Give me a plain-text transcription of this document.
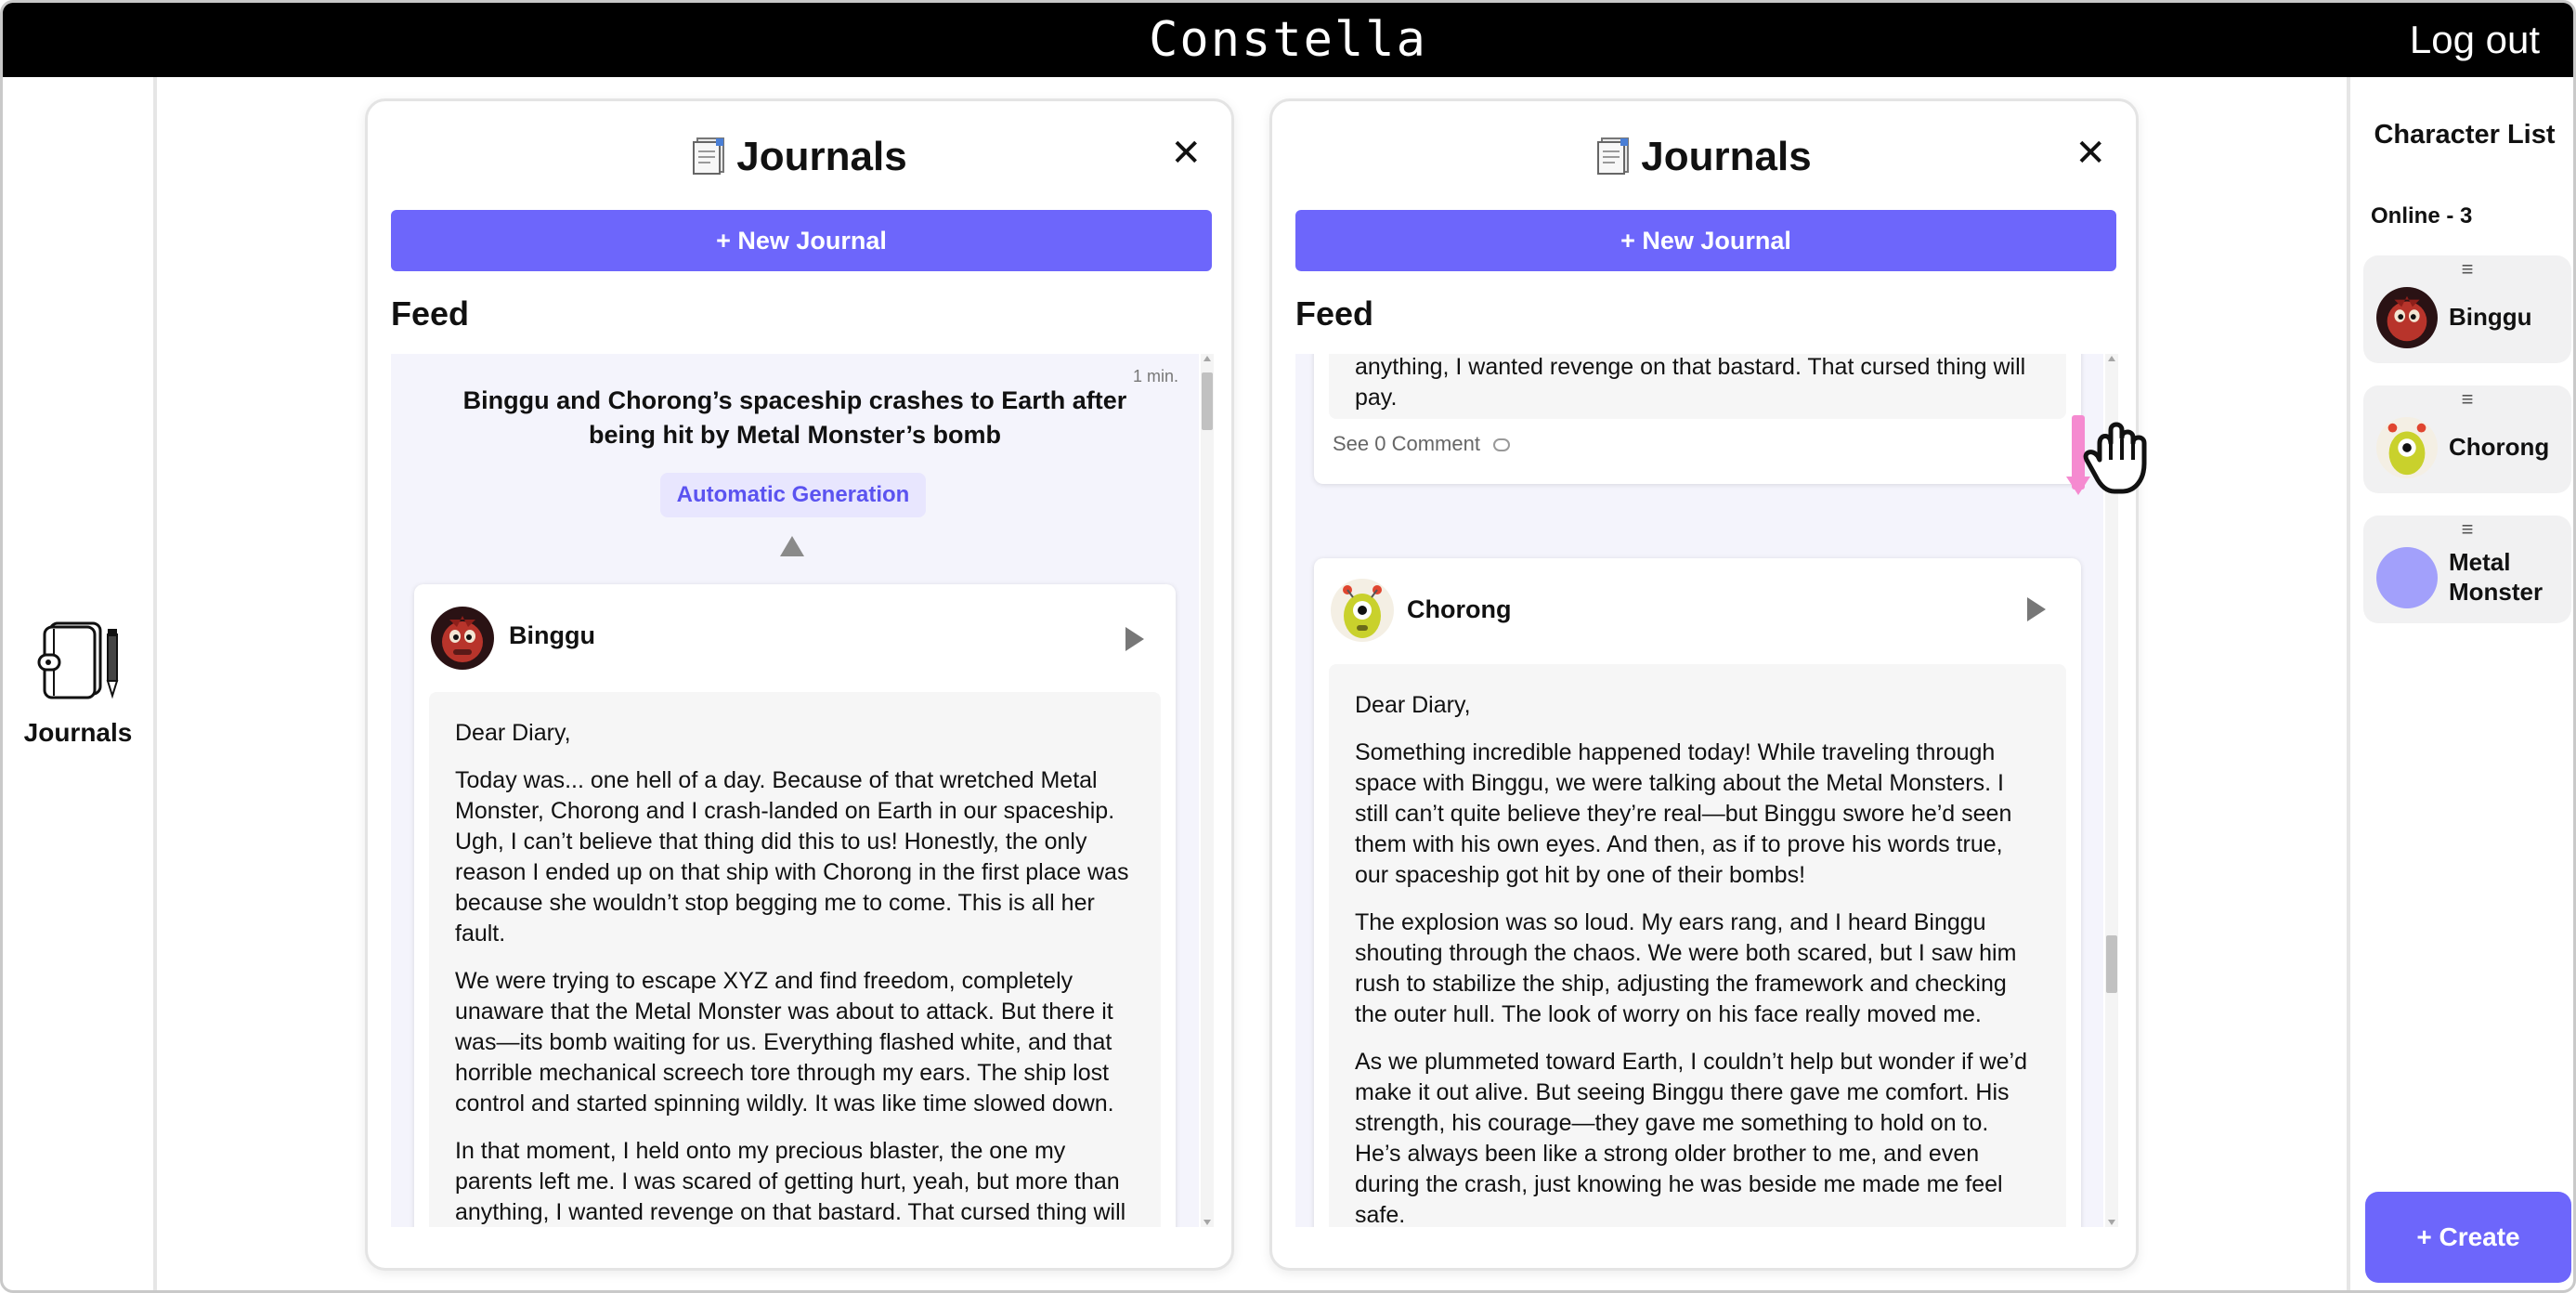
Constella	Log out
Journals
Journals	✕
+ New Journal
Feed
1 min.
Binggu and Chorong’s spaceship crashes to Earth after being hit by Metal Monster’s bomb
Automatic Generation
Binggu

Dear Diary,

Today was... one hell of a day. Because of that wretched Metal Monster, Chorong and I crash-landed on Earth in our spaceship. Ugh, I can’t believe that thing did this to us! Honestly, the only reason I ended up on that ship with Chorong in the first place was because she wouldn’t stop begging me to come. This is all her fault.

We were trying to escape XYZ and find freedom, completely unaware that the Metal Monster was about to attack. But there it was—its bomb waiting for us. Everything flashed white, and that horrible mechanical screech tore through my ears. The ship lost control and started spinning wildly. It was like time slowed down.

In that moment, I held onto my precious blaster, the one my parents left me. I was scared of getting hurt, yeah, but more than anything, I wanted revenge on that bastard. That cursed thing will

Journals	✕
+ New Journal
Feed

anything, I wanted revenge on that bastard. That cursed thing will pay.

See 0 Comment
Chorong

Dear Diary,

Something incredible happened today! While traveling through space with Binggu, we were talking about the Metal Monsters. I still can’t quite believe they’re real—but Binggu swore he’d seen them with his own eyes. And then, as if to prove his words true, our spaceship got hit by one of their bombs!

The explosion was so loud. My ears rang, and I heard Binggu shouting through the chaos. We were both scared, but I saw him rush to stabilize the ship, adjusting the framework and checking the outer hull. The look of worry on his face really moved me.

As we plummeted toward Earth, I couldn’t help but wonder if we’d make it out alive. But seeing Binggu there gave me comfort. His strength, his courage—they gave me something to hold on to. He’s always been like a strong older brother to me, and even during the crash, just knowing he was beside me made me feel safe.

Character List
Online - 3
≡
Binggu
≡
Chorong
≡
Metal
Monster
+ Create
